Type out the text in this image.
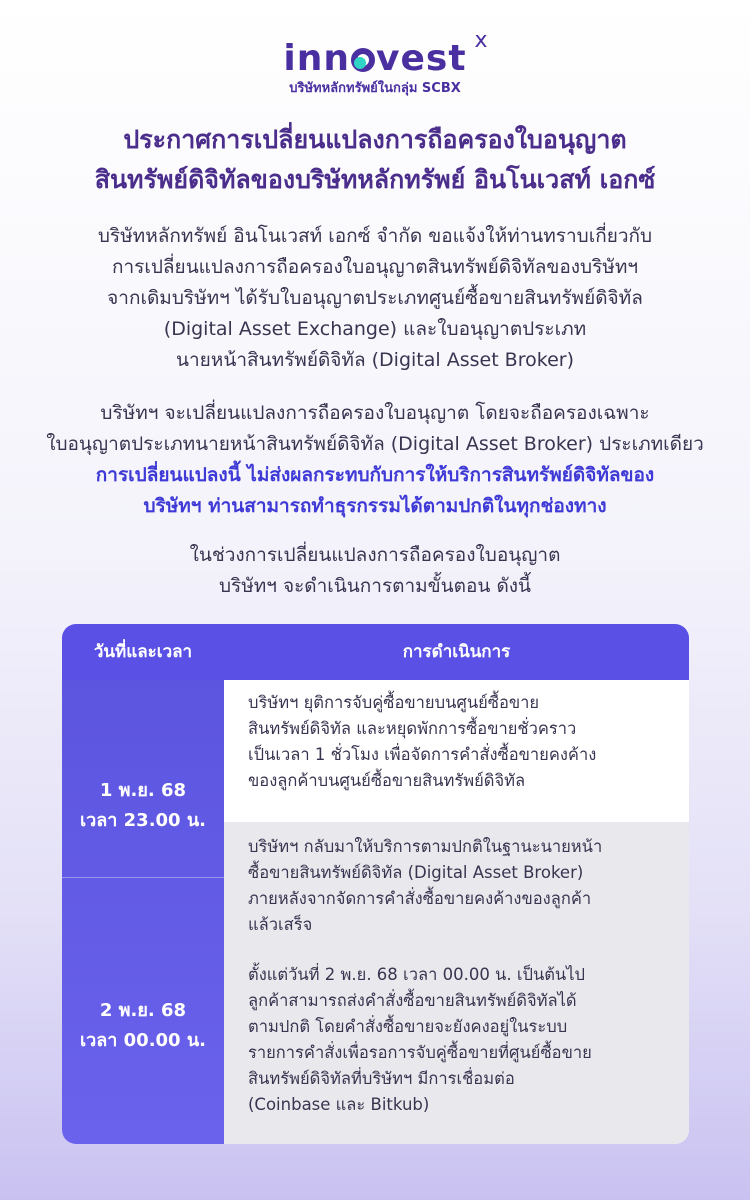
inn vest x
บริษัทหลักทรัพย์ในกลุ่ม SCBX
ประกาศการเปลี่ยนแปลงการถือครองใบอนุญาต
สินทรัพย์ดิจิทัลของบริษัทหลักทรัพย์ อินโนเวสท์ เอกซ์
บริษัทหลักทรัพย์ อินโนเวสท์ เอกซ์ จำกัด ขอแจ้งให้ท่านทราบเกี่ยวกับ
การเปลี่ยนแปลงการถือครองใบอนุญาตสินทรัพย์ดิจิทัลของบริษัทฯ
จากเดิมบริษัทฯ ได้รับใบอนุญาตประเภทศูนย์ซื้อขายสินทรัพย์ดิจิทัล
(Digital Asset Exchange) และใบอนุญาตประเภท
นายหน้าสินทรัพย์ดิจิทัล (Digital Asset Broker)
บริษัทฯ จะเปลี่ยนแปลงการถือครองใบอนุญาต โดยจะถือครองเฉพาะ
ใบอนุญาตประเภทนายหน้าสินทรัพย์ดิจิทัล (Digital Asset Broker) ประเภทเดียว
การเปลี่ยนแปลงนี้ ไม่ส่งผลกระทบกับการให้บริการสินทรัพย์ดิจิทัลของ
บริษัทฯ ท่านสามารถทำธุรกรรมได้ตามปกติในทุกช่องทาง
ในช่วงการเปลี่ยนแปลงการถือครองใบอนุญาต
บริษัทฯ จะดำเนินการตามขั้นตอน ดังนี้
วันที่และเวลา	การดำเนินการ
1 พ.ย. 68
เวลา 23.00 น.
2 พ.ย. 68
เวลา 00.00 น.
บริษัทฯ ยุติการจับคู่ซื้อขายบนศูนย์ซื้อขาย
สินทรัพย์ดิจิทัล และหยุดพักการซื้อขายชั่วคราว
เป็นเวลา 1 ชั่วโมง เพื่อจัดการคำสั่งซื้อขายคงค้าง
ของลูกค้าบนศูนย์ซื้อขายสินทรัพย์ดิจิทัล
บริษัทฯ กลับมาให้บริการตามปกติในฐานะนายหน้า
ซื้อขายสินทรัพย์ดิจิทัล (Digital Asset Broker)
ภายหลังจากจัดการคำสั่งซื้อขายคงค้างของลูกค้า
แล้วเสร็จ
ตั้งแต่วันที่ 2 พ.ย. 68 เวลา 00.00 น. เป็นต้นไป
ลูกค้าสามารถส่งคำสั่งซื้อขายสินทรัพย์ดิจิทัลได้
ตามปกติ โดยคำสั่งซื้อขายจะยังคงอยู่ในระบบ
รายการคำสั่งเพื่อรอการจับคู่ซื้อขายที่ศูนย์ซื้อขาย
สินทรัพย์ดิจิทัลที่บริษัทฯ มีการเชื่อมต่อ
(Coinbase และ Bitkub)
